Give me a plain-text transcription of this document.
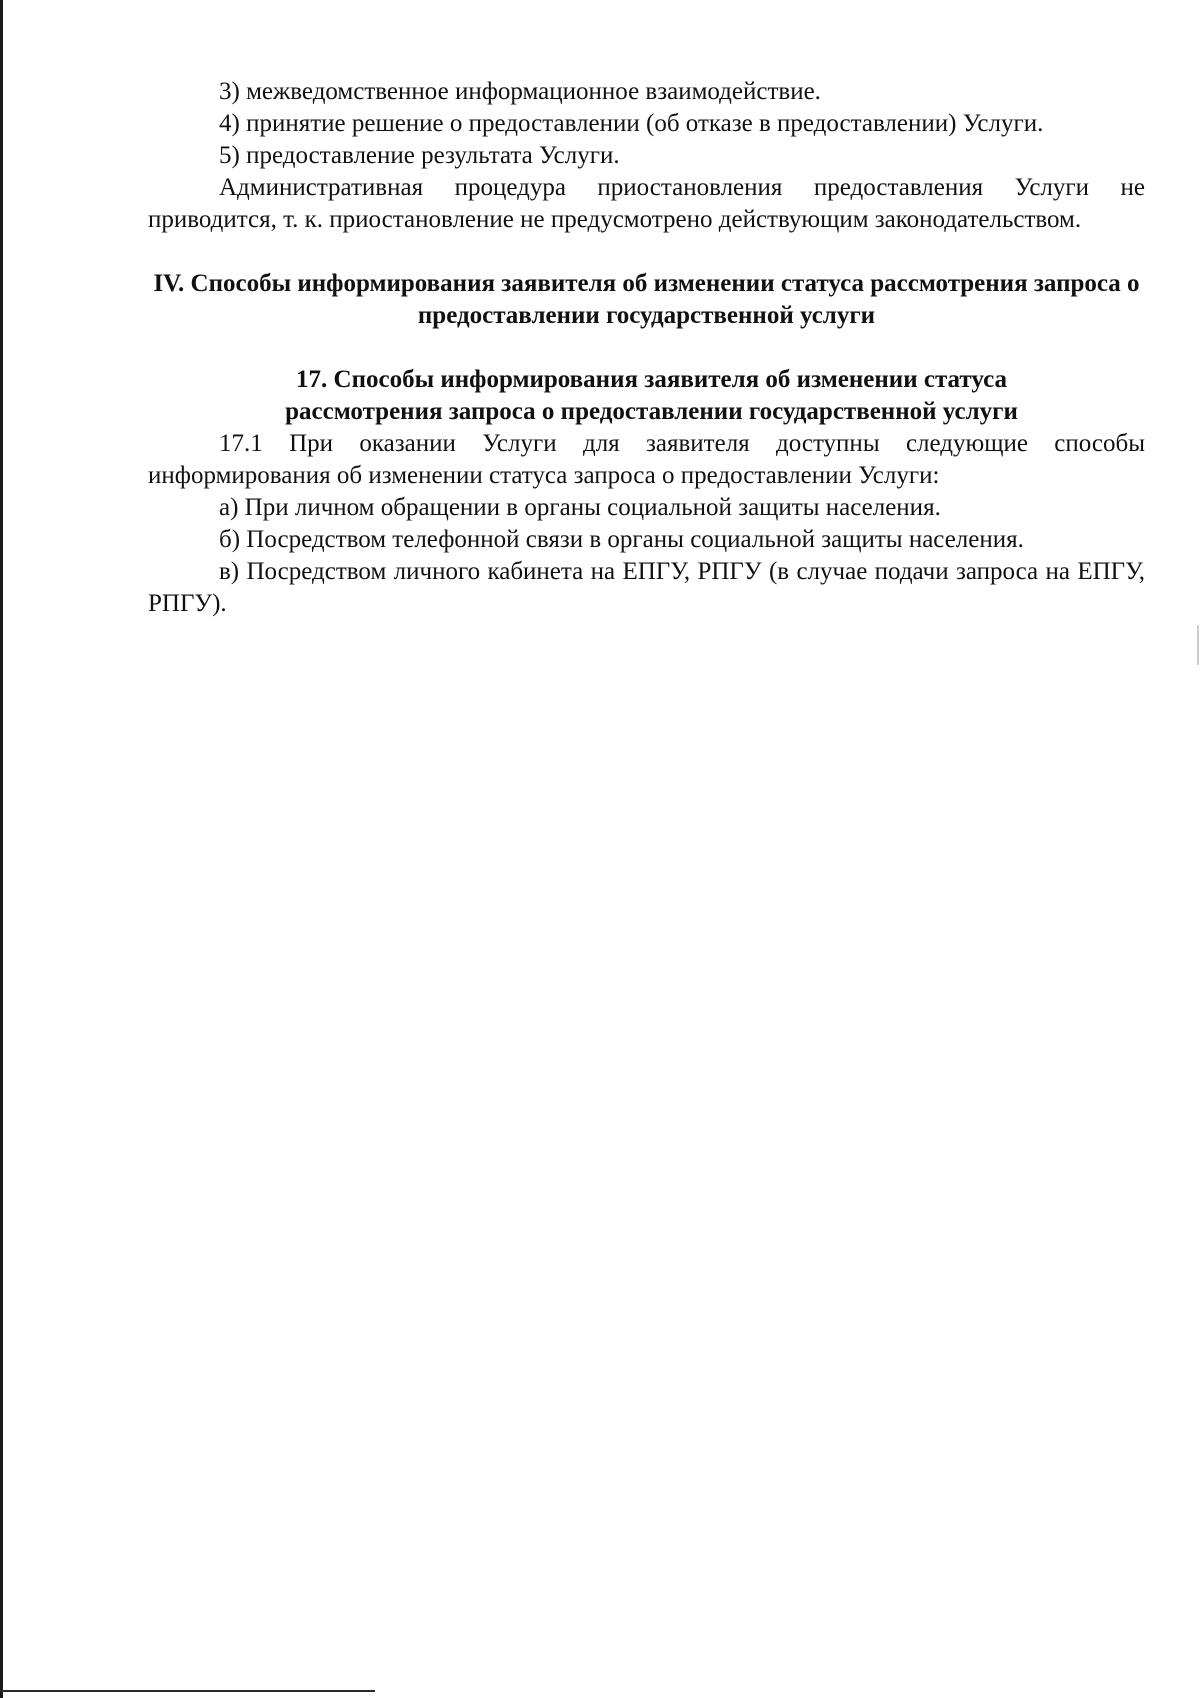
3) межведомственное информационное взаимодействие.

4) принятие решение о предоставлении (об отказе в предоставлении) Услуги.

5) предоставление результата Услуги.

Административная процедура приостановления предоставления Услуги не приводится, т. к. приостановление не предусмотрено действующим законодательством.

IV. Способы информирования заявителя об изменении статуса рассмотрения запроса о предоставлении государственной услуги

17. Способы информирования заявителя об изменении статуса рассмотрения запроса о предоставлении государственной услуги

17.1 При оказании Услуги для заявителя доступны следующие способы информирования об изменении статуса запроса о предоставлении Услуги:

а) При личном обращении в органы социальной защиты населения.

б) Посредством телефонной связи в органы социальной защиты населения.

в) Посредством личного кабинета на ЕПГУ, РПГУ (в случае подачи запроса на ЕПГУ, РПГУ).
